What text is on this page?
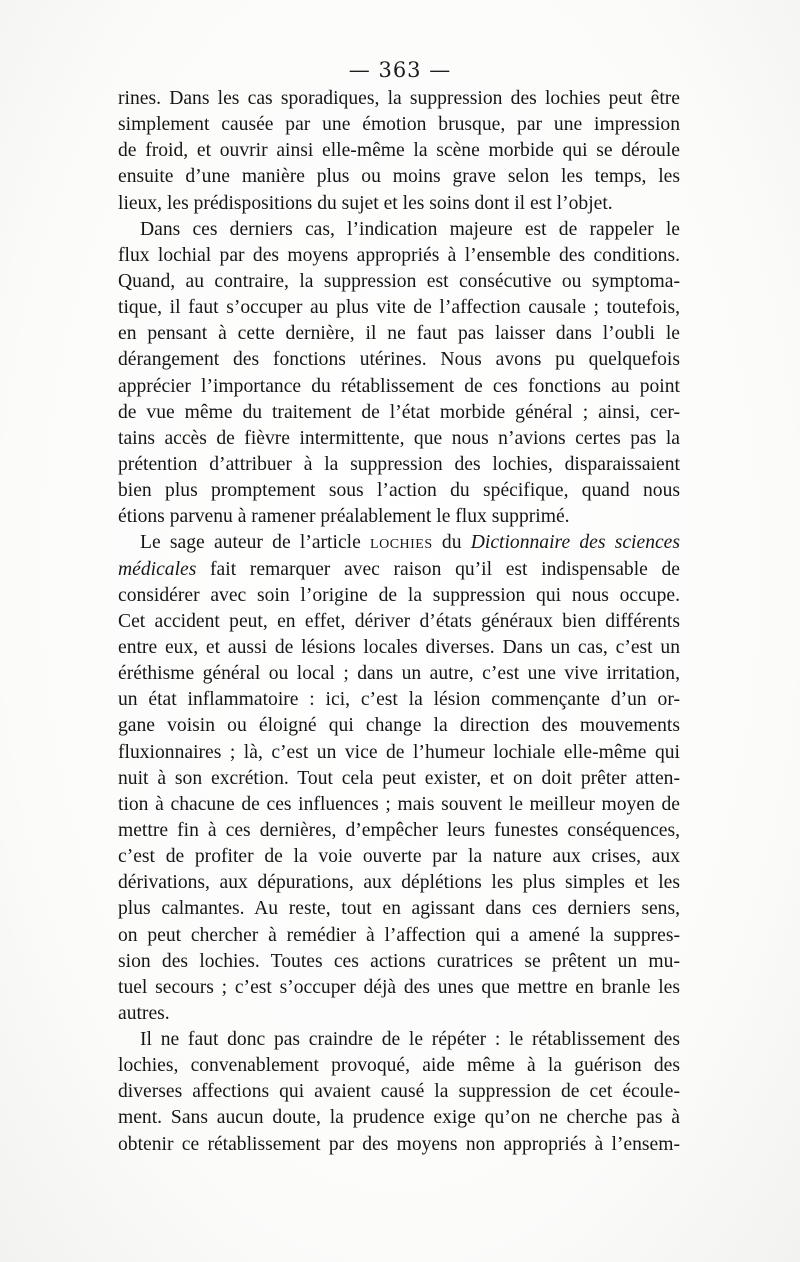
— 363 —
rines. Dans les cas sporadiques, la suppression des lochies peut être
simplement causée par une émotion brusque, par une impression
de froid, et ouvrir ainsi elle-même la scène morbide qui se déroule
ensuite d’une manière plus ou moins grave selon les temps, les
lieux, les prédispositions du sujet et les soins dont il est l’objet.
Dans ces derniers cas, l’indication majeure est de rappeler le
flux lochial par des moyens appropriés à l’ensemble des conditions.
Quand, au contraire, la suppression est consécutive ou symptoma-
tique, il faut s’occuper au plus vite de l’affection causale ; toutefois,
en pensant à cette dernière, il ne faut pas laisser dans l’oubli le
dérangement des fonctions utérines. Nous avons pu quelquefois
apprécier l’importance du rétablissement de ces fonctions au point
de vue même du traitement de l’état morbide général ; ainsi, cer-
tains accès de fièvre intermittente, que nous n’avions certes pas la
prétention d’attribuer à la suppression des lochies, disparaissaient
bien plus promptement sous l’action du spécifique, quand nous
étions parvenu à ramener préalablement le flux supprimé.
Le sage auteur de l’article lochies du Dictionnaire des sciences
médicales fait remarquer avec raison qu’il est indispensable de
considérer avec soin l’origine de la suppression qui nous occupe.
Cet accident peut, en effet, dériver d’états généraux bien différents
entre eux, et aussi de lésions locales diverses. Dans un cas, c’est un
éréthisme général ou local ; dans un autre, c’est une vive irritation,
un état inflammatoire : ici, c’est la lésion commençante d’un or-
gane voisin ou éloigné qui change la direction des mouvements
fluxionnaires ; là, c’est un vice de l’humeur lochiale elle-même qui
nuit à son excrétion. Tout cela peut exister, et on doit prêter atten-
tion à chacune de ces influences ; mais souvent le meilleur moyen de
mettre fin à ces dernières, d’empêcher leurs funestes conséquences,
c’est de profiter de la voie ouverte par la nature aux crises, aux
dérivations, aux dépurations, aux déplétions les plus simples et les
plus calmantes. Au reste, tout en agissant dans ces derniers sens,
on peut chercher à remédier à l’affection qui a amené la suppres-
sion des lochies. Toutes ces actions curatrices se prêtent un mu-
tuel secours ; c’est s’occuper déjà des unes que mettre en branle les
autres.
Il ne faut donc pas craindre de le répéter : le rétablissement des
lochies, convenablement provoqué, aide même à la guérison des
diverses affections qui avaient causé la suppression de cet écoule-
ment. Sans aucun doute, la prudence exige qu’on ne cherche pas à
obtenir ce rétablissement par des moyens non appropriés à l’ensem-
